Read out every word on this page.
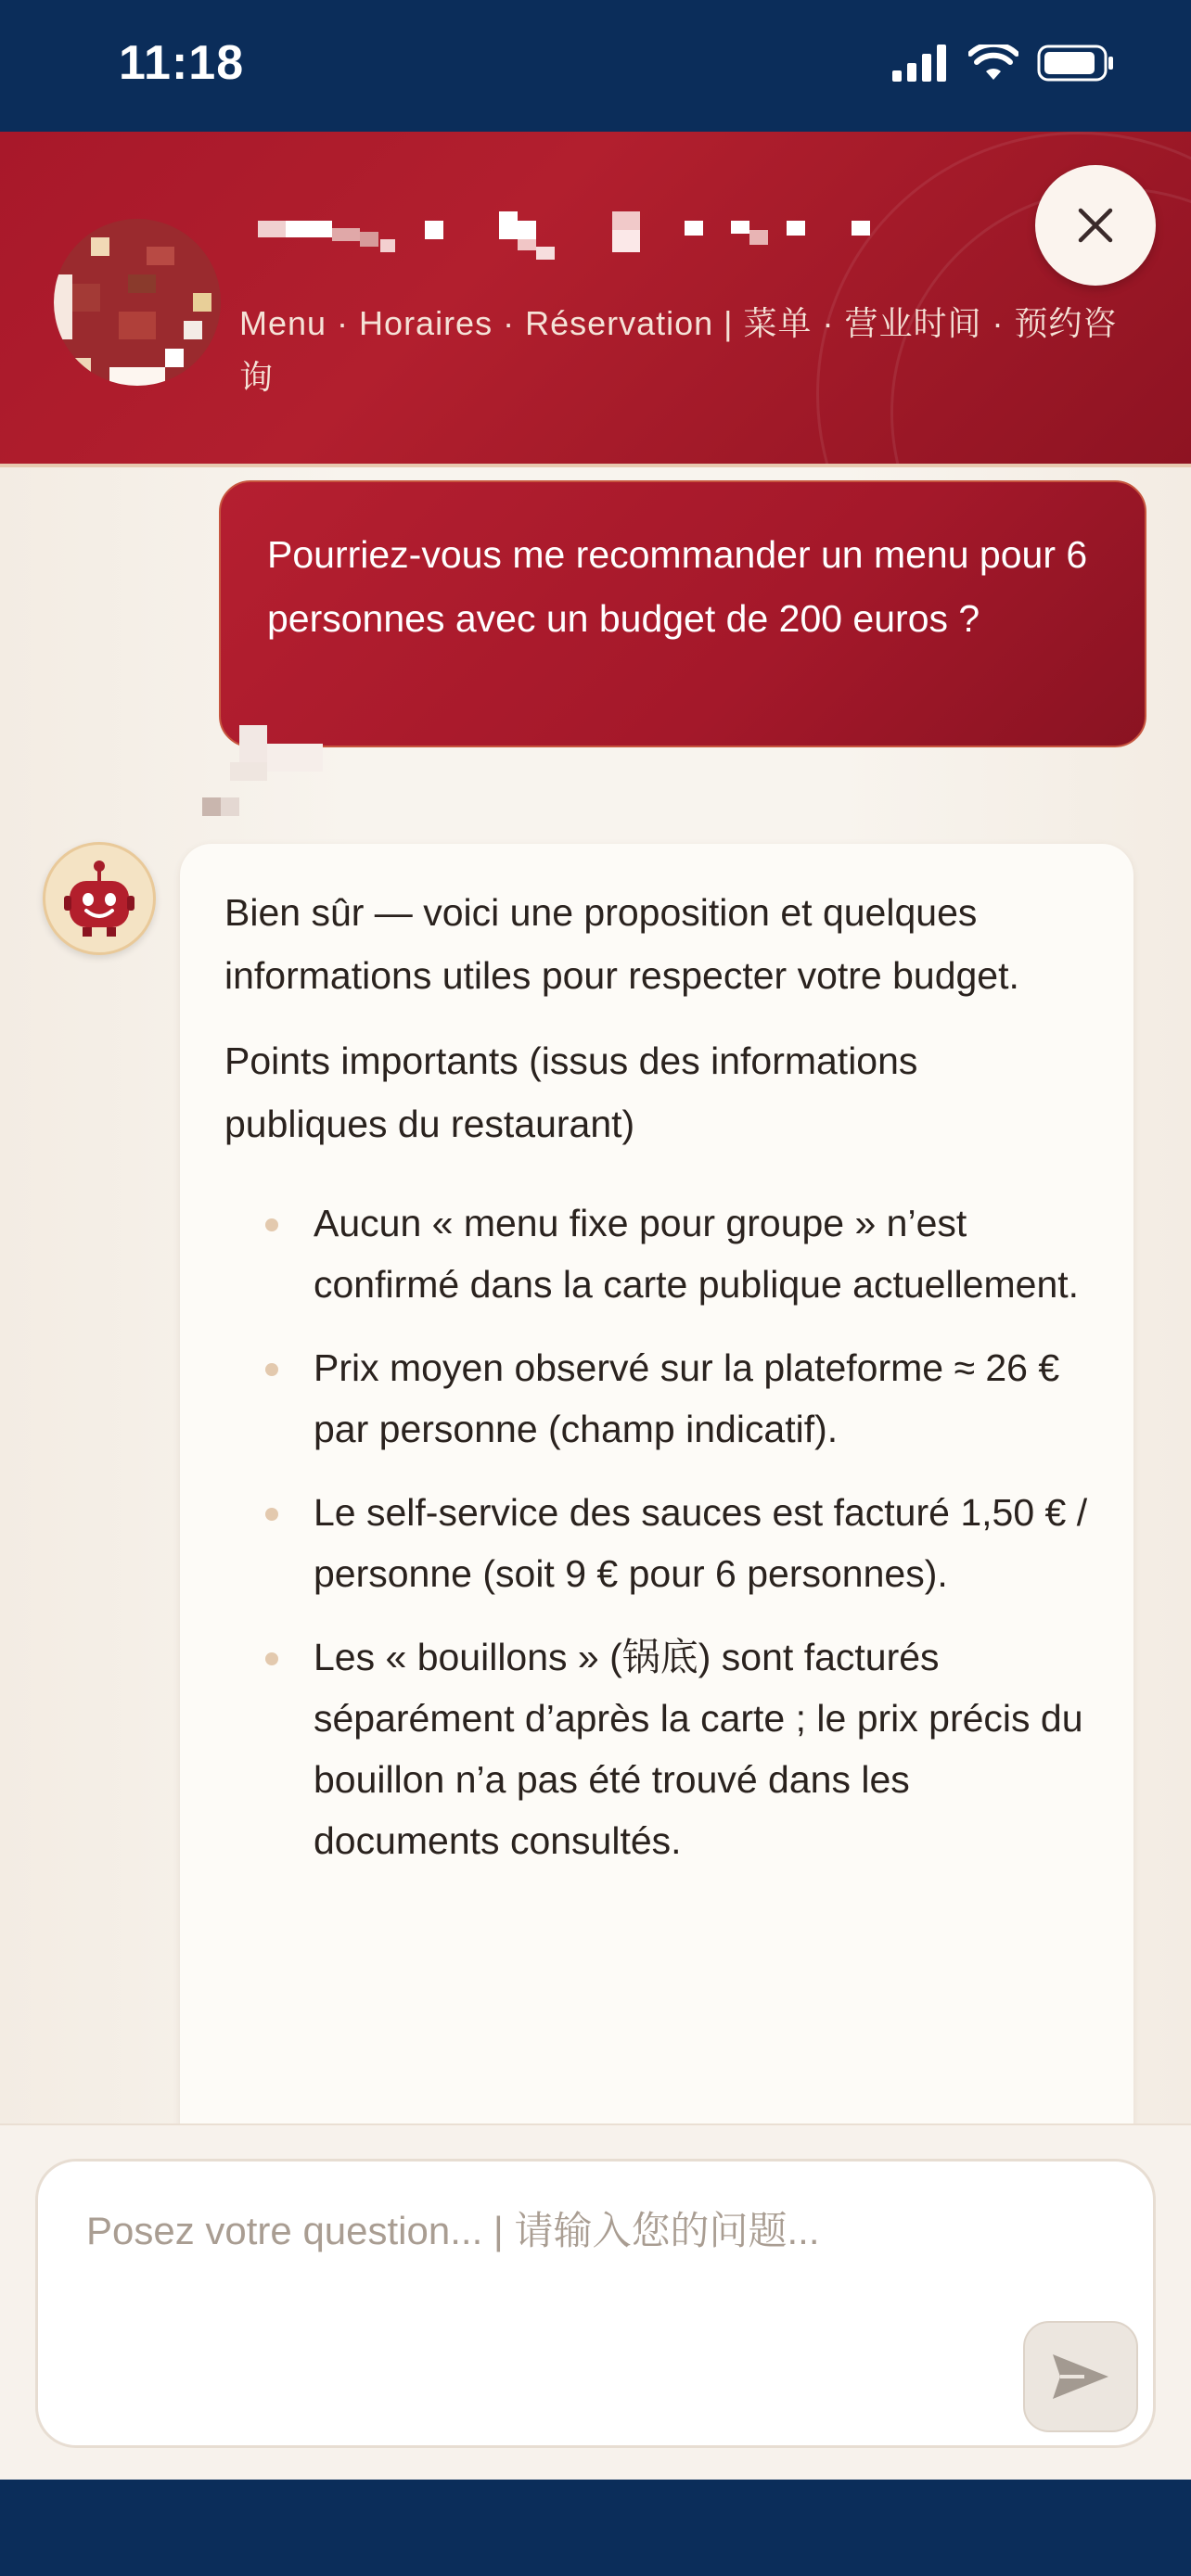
11:18
Menu · Horaires · Réservation | 菜单 · 营业时间 · 预约咨询
Pourriez-vous me recommander un menu pour 6 personnes avec un budget de 200 euros ?

Bien sûr — voici une proposition et quelques informations utiles pour respecter votre budget.

Points importants (issus des informations publiques du restaurant)

Aucun « menu fixe pour groupe » n’est confirmé dans la carte publique actuellement.
Prix moyen observé sur la plateforme ≈ 26 € par personne (champ indicatif).
Le self-service des sauces est facturé 1,50 € / personne (soit 9 € pour 6 personnes).
Les « bouillons » (锅底) sont facturés séparément d’après la carte ; le prix précis du bouillon n’a pas été trouvé dans les documents consultés.
Posez votre question... | 请输入您的问题...
